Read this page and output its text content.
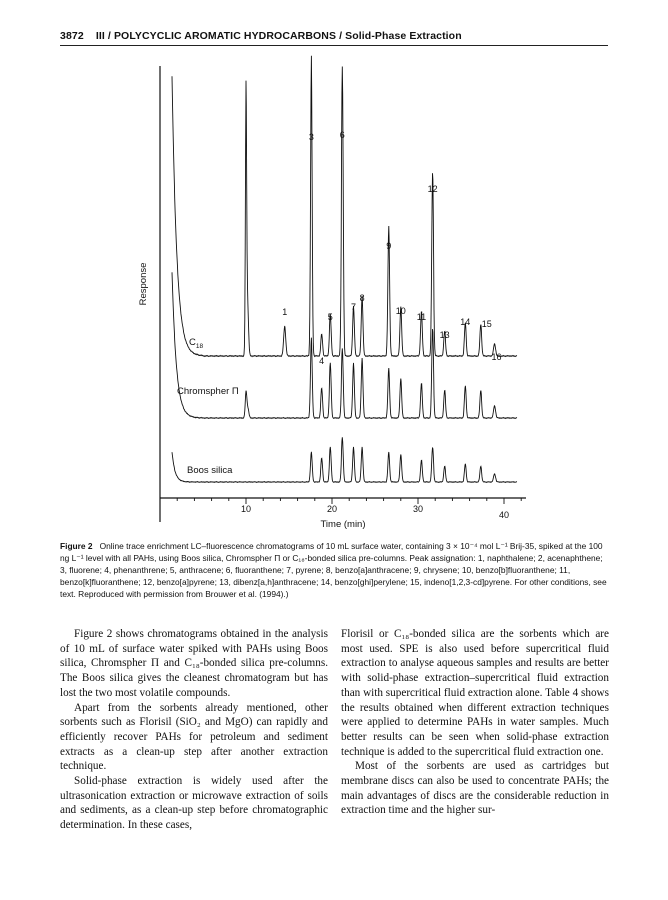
3872 III / POLYCYCLIC AROMATIC HYDROCARBONS / Solid-Phase Extraction
10	20	30
40
Response
Time (min)
$C_{18}$
Chromspher Π
Boos silica
1
3
4
5
6
7
8
9
10
11
12
13
14 15
16
Figure 2 Online trace enrichment LC–fluorescence chromatograms of 10 mL surface water, containing 3 × 10⁻⁴ mol L⁻¹ Brij-35, spiked at the 100 ng L⁻¹ level with all PAHs, using Boos silica, Chromspher Π or C₁₈-bonded silica pre-columns. Peak assignation: 1, naphthalene; 2, acenaphthene; 3, fluorene; 4, phenanthrene; 5, anthracene; 6, fluoranthene; 7, pyrene; 8, benzo[a]anthracene; 9, chrysene; 10, benzo[b]fluoranthene; 11, benzo[k]fluoranthene; 12, benzo[a]pyrene; 13, dibenz[a,h]anthracene; 14, benzo[ghi]perylene; 15, indeno[1,2,3-cd]pyrene. For other conditions, see text. Reproduced with permission from Brouwer et al. (1994).)

Figure 2 shows chromatograms obtained in the analysis of 10 mL of surface water spiked with PAHs using Boos silica, Chromspher Π and C₁₈-bonded silica pre-columns. The Boos silica gives the cleanest chromatogram but has lost the two most volatile compounds.

Apart from the sorbents already mentioned, other sorbents such as Florisil (SiO₂ and MgO) can rapidly and efficiently recover PAHs for petroleum and sediment extracts as a clean-up step after another extraction technique.

Solid-phase extraction is widely used after the ultrasonication extraction or microwave extraction of soils and sediments, as a clean-up step before chromatographic determination. In these cases,

Florisil or C₁₈-bonded silica are the sorbents which are most used. SPE is also used before supercritical fluid extraction to analyse aqueous samples and results are better with solid-phase extraction–supercritical fluid extraction than with supercritical fluid extraction alone. Table 4 shows the results obtained when different extraction techniques were applied to determine PAHs in water samples. Much better results can be seen when solid-phase extraction technique is added to the supercritical fluid extraction one.

Most of the sorbents are used as cartridges but membrane discs can also be used to concentrate PAHs; the main advantages of discs are the considerable reduction in extraction time and the higher sur-
